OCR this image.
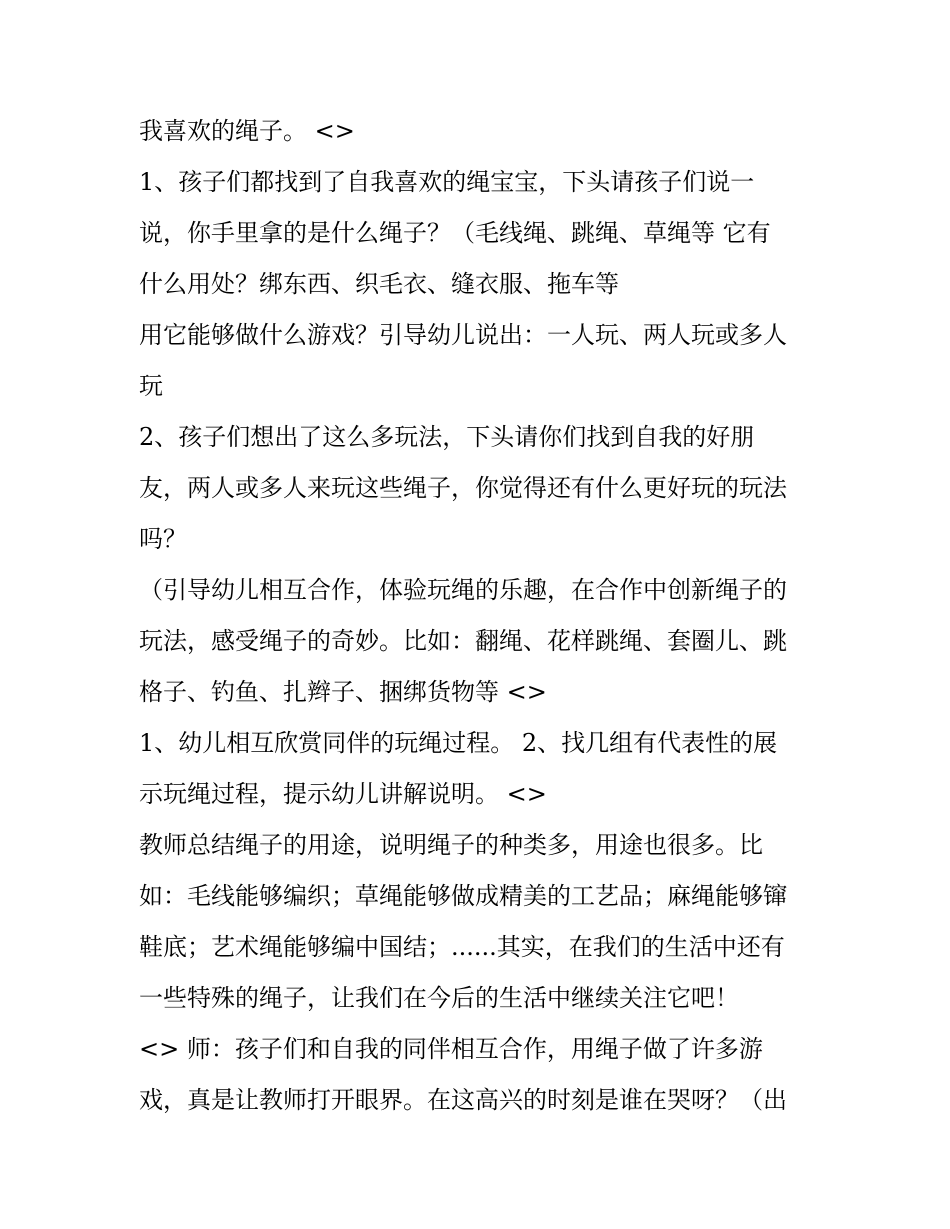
我喜欢的绳子。 <>

1、孩子们都找到了自我喜欢的绳宝宝，下头请孩子们说一

说，你手里拿的是什么绳子？（毛线绳、跳绳、草绳等 它有

什么用处？绑东西、织毛衣、缝衣服、拖车等

用它能够做什么游戏？引导幼儿说出：一人玩、两人玩或多人

玩

2、孩子们想出了这么多玩法，下头请你们找到自我的好朋

友，两人或多人来玩这些绳子，你觉得还有什么更好玩的玩法

吗？

（引导幼儿相互合作，体验玩绳的乐趣，在合作中创新绳子的

玩法，感受绳子的奇妙。比如：翻绳、花样跳绳、套圈儿、跳

格子、钓鱼、扎辫子、捆绑货物等 <>

1、幼儿相互欣赏同伴的玩绳过程。 2、找几组有代表性的展

示玩绳过程，提示幼儿讲解说明。 <>

教师总结绳子的用途，说明绳子的种类多，用途也很多。比

如：毛线能够编织；草绳能够做成精美的工艺品；麻绳能够镩

鞋底；艺术绳能够编中国结；......其实，在我们的生活中还有

一些特殊的绳子，让我们在今后的生活中继续关注它吧！

<> 师：孩子们和自我的同伴相互合作，用绳子做了许多游

戏，真是让教师打开眼界。在这高兴的时刻是谁在哭呀？（出
